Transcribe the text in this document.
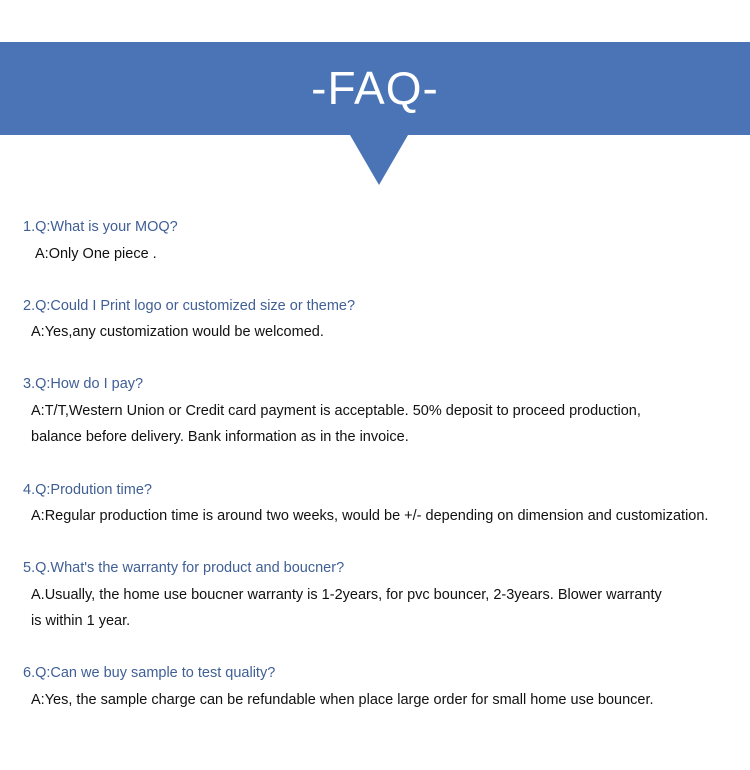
-FAQ-
1.Q:What is your MOQ?
A:Only One piece .
2.Q:Could I Print logo or customized size or theme?
A:Yes,any customization would be welcomed.
3.Q:How do I pay?
A:T/T,Western Union or Credit card payment is acceptable. 50% deposit to proceed production,
balance before delivery. Bank information as in the invoice.
4.Q:Prodution time?
A:Regular production time is around two weeks, would be +/- depending on dimension and customization.
5.Q.What's the warranty for product and boucner?
A.Usually, the home use boucner warranty is 1-2years, for pvc bouncer, 2-3years. Blower warranty
is within 1 year.
6.Q:Can we buy sample to test quality?
A:Yes, the sample charge can be refundable when place large order for small home use bouncer.
